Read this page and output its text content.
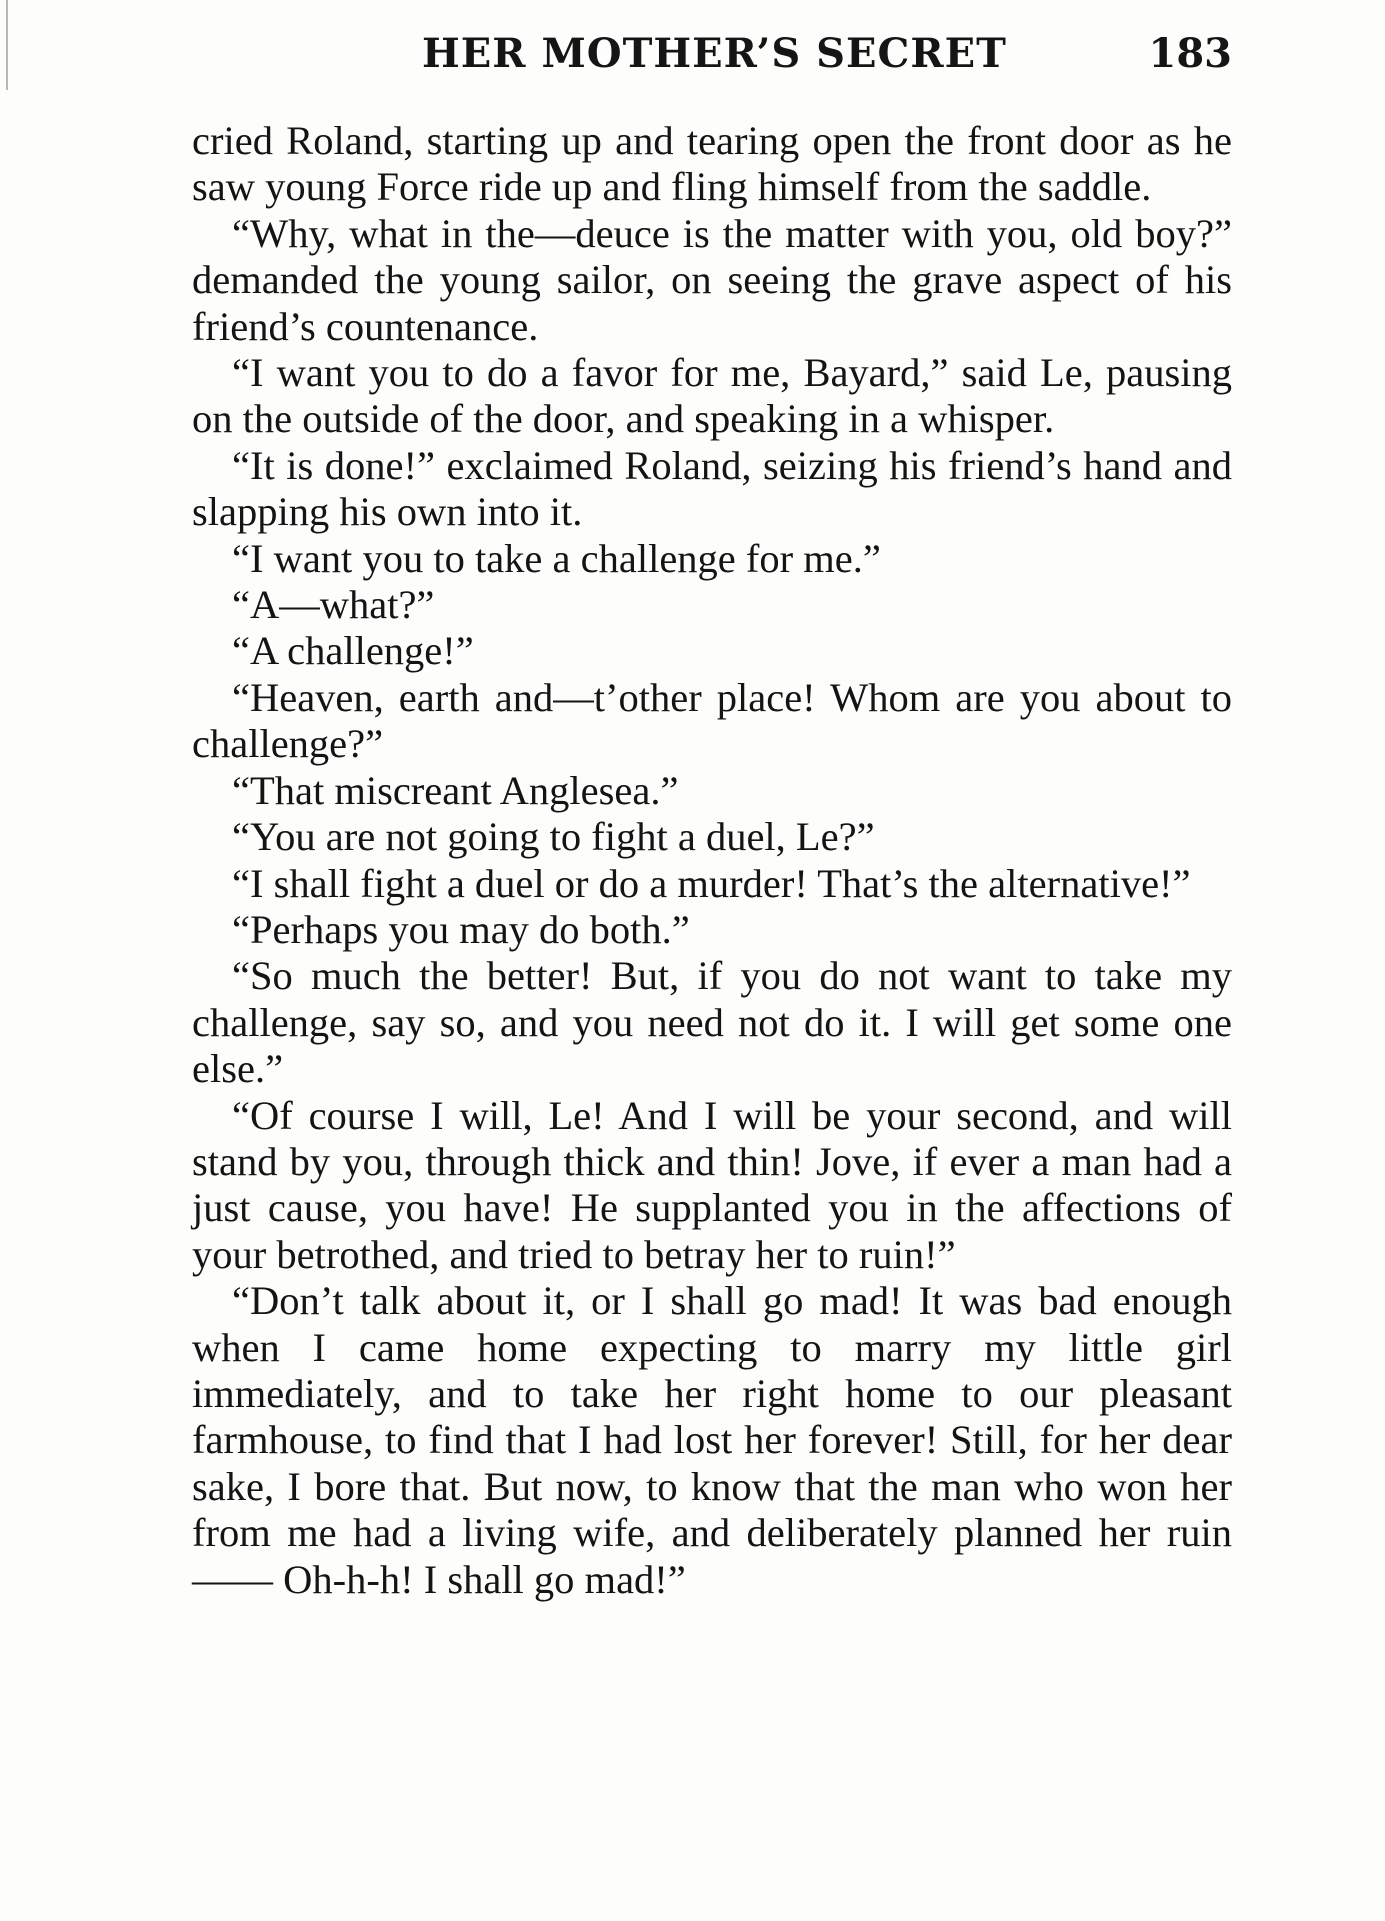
HER MOTHER’S SECRET	183

cried Roland, starting up and tearing open the front door as he saw young Force ride up and fling himself from the saddle.

“Why, what in the—deuce is the matter with you, old boy?” demanded the young sailor, on seeing the grave aspect of his friend’s countenance.

“I want you to do a favor for me, Bayard,” said Le, pausing on the outside of the door, and speaking in a whisper.

“It is done!” exclaimed Roland, seizing his friend’s hand and slapping his own into it.

“I want you to take a challenge for me.”

“A—what?”

“A challenge!”

“Heaven, earth and—t’other place! Whom are you about to challenge?”

“That miscreant Anglesea.”

“You are not going to fight a duel, Le?”

“I shall fight a duel or do a murder! That’s the alternative!”

“Perhaps you may do both.”

“So much the better! But, if you do not want to take my challenge, say so, and you need not do it. I will get some one else.”

“Of course I will, Le! And I will be your second, and will stand by you, through thick and thin! Jove, if ever a man had a just cause, you have! He supplanted you in the affections of your betrothed, and tried to betray her to ruin!”

“Don’t talk about it, or I shall go mad! It was bad enough when I came home expecting to marry my little girl immediately, and to take her right home to our pleasant farmhouse, to find that I had lost her forever! Still, for her dear sake, I bore that. But now, to know that the man who won her from me had a living wife, and deliberately planned her ruin—— Oh-h-h! I shall go mad!”
